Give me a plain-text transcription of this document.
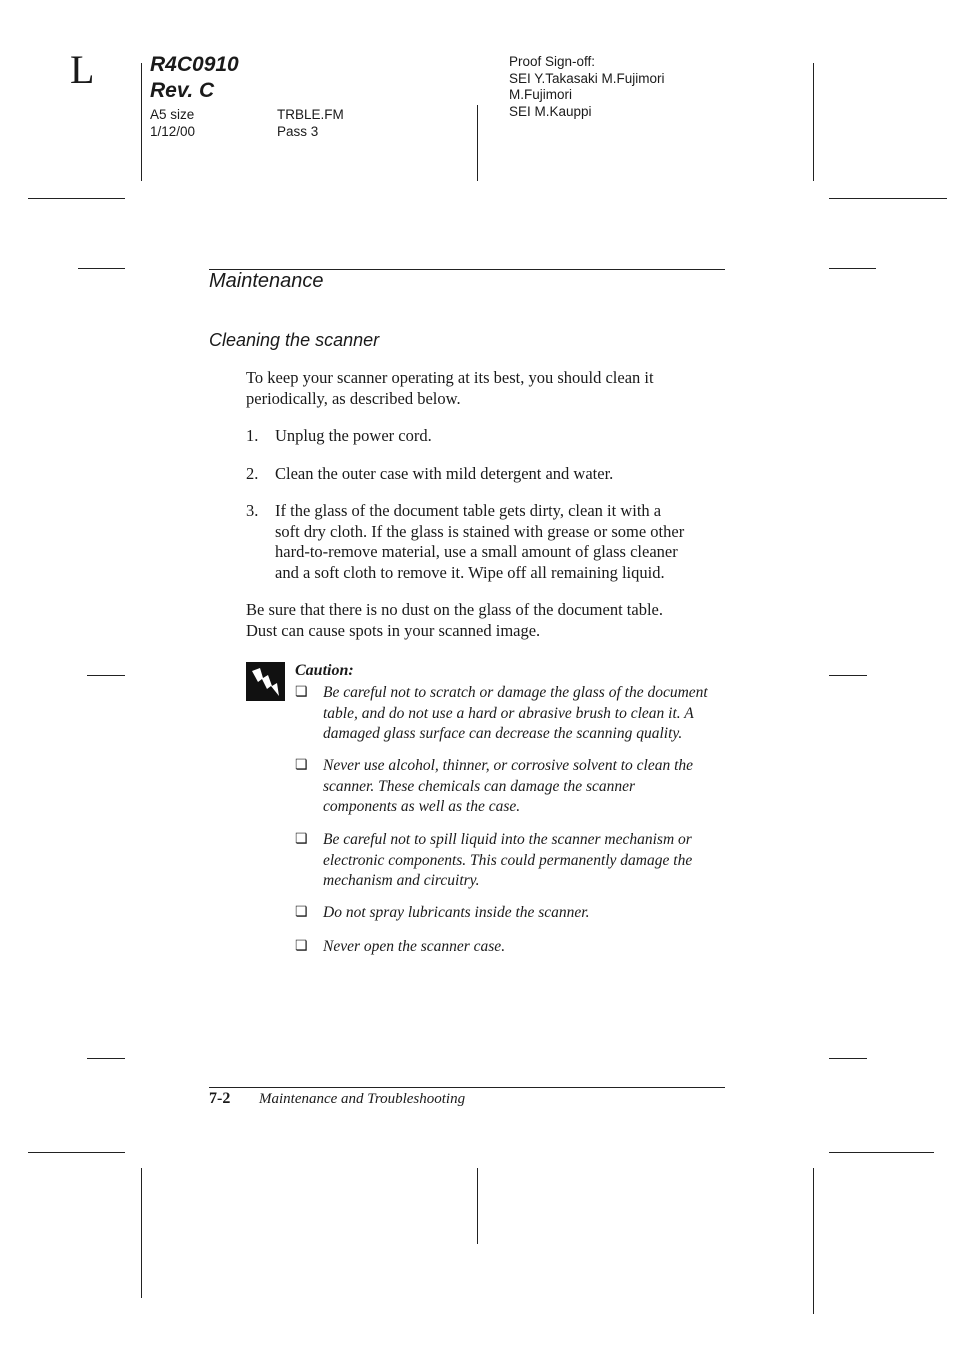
L	R4C0910
Rev. C
A5 size
1/12/00
TRBLE.FM
Pass 3
Proof Sign-off:
SEI Y.Takasaki M.Fujimori
M.Fujimori
SEI M.Kauppi
Maintenance
Cleaning the scanner
To keep your scanner operating at its best, you should clean it
periodically, as described below.
1. Unplug the power cord.
2. Clean the outer case with mild detergent and water.
3. If the glass of the document table gets dirty, clean it with a
soft dry cloth. If the glass is stained with grease or some other
hard-to-remove material, use a small amount of glass cleaner
and a soft cloth to remove it. Wipe off all remaining liquid.
Be sure that there is no dust on the glass of the document table.
Dust can cause spots in your scanned image.
Caution:
❏ Be careful not to scratch or damage the glass of the document
table, and do not use a hard or abrasive brush to clean it. A
damaged glass surface can decrease the scanning quality.
❏ Never use alcohol, thinner, or corrosive solvent to clean the
scanner. These chemicals can damage the scanner
components as well as the case.
❏ Be careful not to spill liquid into the scanner mechanism or
electronic components. This could permanently damage the
mechanism and circuitry.
❏ Do not spray lubricants inside the scanner.
❏ Never open the scanner case.
7-2 Maintenance and Troubleshooting
